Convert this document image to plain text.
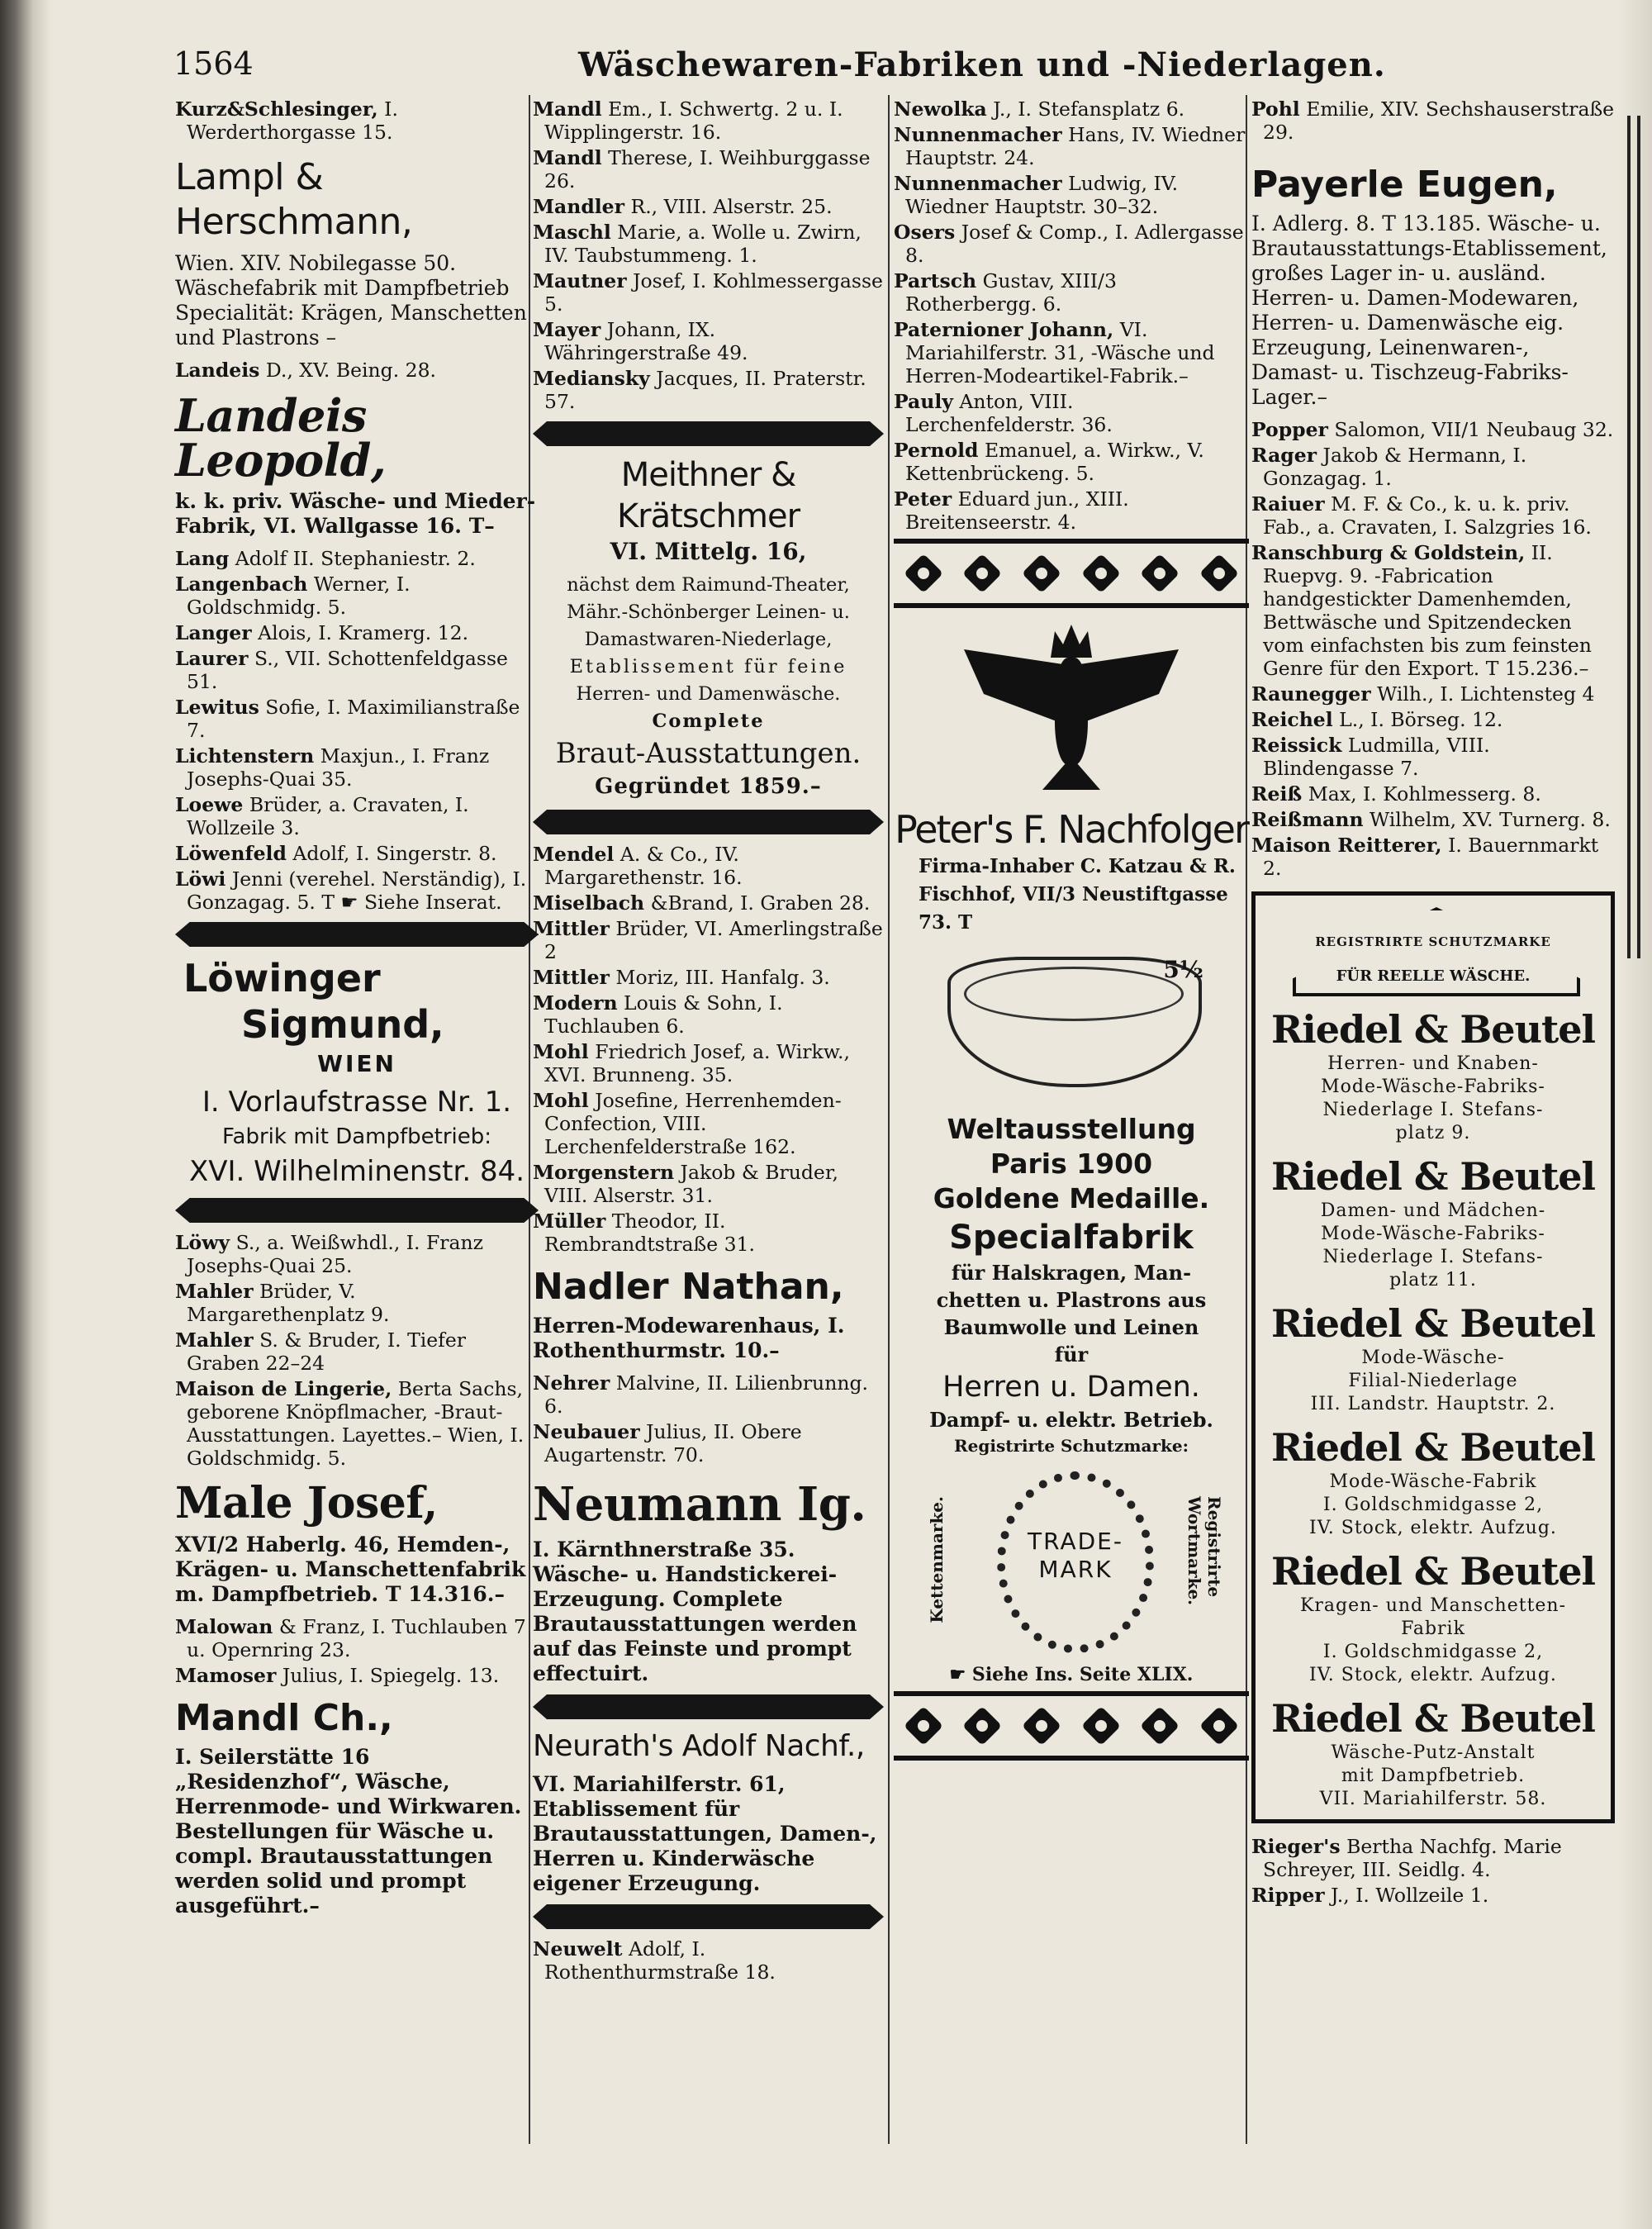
1564	Wäschewaren-Fabriken und -Niederlagen.

Kurz&Schlesinger, I. Werderthorgasse 15.

Lampl & Herschmann,

Wien. XIV. Nobilegasse 50. Wäschefabrik mit Dampfbetrieb Specialität: Krägen, Manschetten und Plastrons –

Landeis D., XV. Being. 28.

Landeis Leopold,

k. k. priv. Wäsche- und Mieder-Fabrik, VI. Wallgasse 16. T–

Lang Adolf II. Stephaniestr. 2.

Langenbach Werner, I. Goldschmidg. 5.

Langer Alois, I. Kramerg. 12.

Laurer S., VII. Schottenfeldgasse 51.

Lewitus Sofie, I. Maximilianstraße 7.

Lichtenstern Maxjun., I. Franz Josephs-Quai 35.

Loewe Brüder, a. Cravaten, I. Wollzeile 3.

Löwenfeld Adolf, I. Singerstr. 8.

Löwi Jenni (verehel. Nerständig), I. Gonzagag. 5. T ☛ Siehe Inserat.

Löwinger
Sigmund,
WIEN
I. Vorlaufstrasse Nr. 1.
Fabrik mit Dampfbetrieb:
XVI. Wilhelminenstr. 84.

Löwy S., a. Weißwhdl., I. Franz Josephs-Quai 25.

Mahler Brüder, V. Margarethenplatz 9.

Mahler S. & Bruder, I. Tiefer Graben 22–24

Maison de Lingerie, Berta Sachs, geborene Knöpflmacher, -Braut-Ausstattungen. Layettes.– Wien, I. Goldschmidg. 5.

Male Josef,

XVI/2 Haberlg. 46, Hemden-, Krägen- u. Manschettenfabrik m. Dampfbetrieb. T 14.316.–

Malowan & Franz, I. Tuchlauben 7 u. Opernring 23.

Mamoser Julius, I. Spiegelg. 13.

Mandl Ch.,

I. Seilerstätte 16 „Residenzhof“, Wäsche, Herrenmode- und Wirkwaren. Bestellungen für Wäsche u. compl. Brautausstattungen werden solid und prompt ausgeführt.–

Mandl Em., I. Schwertg. 2 u. I. Wipplingerstr. 16.

Mandl Therese, I. Weihburggasse 26.

Mandler R., VIII. Alserstr. 25.

Maschl Marie, a. Wolle u. Zwirn, IV. Taubstummeng. 1.

Mautner Josef, I. Kohlmessergasse 5.

Mayer Johann, IX. Währingerstraße 49.

Mediansky Jacques, II. Praterstr. 57.

Meithner & Krätschmer
VI. Mittelg. 16,
nächst dem Raimund-Theater,
Mähr.-Schönberger Leinen- u.
Damastwaren-Niederlage,
Etablissement für feine
Herren- und Damenwäsche.
Complete
Braut-Ausstattungen.
Gegründet 1859.–

Mendel A. & Co., IV. Margarethenstr. 16.

Miselbach &Brand, I. Graben 28.

Mittler Brüder, VI. Amerlingstraße 2

Mittler Moriz, III. Hanfalg. 3.

Modern Louis & Sohn, I. Tuchlauben 6.

Mohl Friedrich Josef, a. Wirkw., XVI. Brunneng. 35.

Mohl Josefine, Herrenhemden-Confection, VIII. Lerchenfelderstraße 162.

Morgenstern Jakob & Bruder, VIII. Alserstr. 31.

Müller Theodor, II. Rembrandtstraße 31.

Nadler Nathan,

Herren-Modewarenhaus, I. Rothenthurmstr. 10.–

Nehrer Malvine, II. Lilienbrunng. 6.

Neubauer Julius, II. Obere Augartenstr. 70.

Neumann Ig.

I. Kärnthnerstraße 35. Wäsche- u. Handstickerei-Erzeugung. Complete Brautausstattungen werden auf das Feinste und prompt effectuirt.

Neurath's Adolf Nachf.,

VI. Mariahilferstr. 61, Etablissement für Brautausstattungen, Damen-, Herren u. Kinderwäsche eigener Erzeugung.

Neuwelt Adolf, I. Rothenthurmstraße 18.

Newolka J., I. Stefansplatz 6.

Nunnenmacher Hans, IV. Wiedner Hauptstr. 24.

Nunnenmacher Ludwig, IV. Wiedner Hauptstr. 30–32.

Osers Josef & Comp., I. Adlergasse 8.

Partsch Gustav, XIII/3 Rotherbergg. 6.

Paternioner Johann, VI. Mariahilferstr. 31, -Wäsche und Herren-Modeartikel-Fabrik.–

Pauly Anton, VIII. Lerchenfelderstr. 36.

Pernold Emanuel, a. Wirkw., V. Kettenbrückeng. 5.

Peter Eduard jun., XIII. Breitenseerstr. 4.

Peter's F. Nachfolger
Firma-Inhaber C. Katzau & R. Fischhof, VII/3 Neustiftgasse 73. T
5½
Weltausstellung
Paris 1900
Goldene Medaille.
Specialfabrik
für Halskragen, Man-
chetten u. Plastrons aus
Baumwolle und Leinen
für
Herren u. Damen.
Dampf- u. elektr. Betrieb.
Registrirte Schutzmarke:
Kettenmarke.	TRADE-MARK	Registrirte Wortmarke.
☛ Siehe Ins. Seite XLIX.

Pohl Emilie, XIV. Sechshauserstraße 29.

Payerle Eugen,

I. Adlerg. 8. T 13.185. Wäsche- u. Brautausstattungs-Etablissement, großes Lager in- u. ausländ. Herren- u. Damen-Modewaren, Herren- u. Damenwäsche eig. Erzeugung, Leinenwaren-, Damast- u. Tischzeug-Fabriks-Lager.–

Popper Salomon, VII/1 Neubaug 32.

Rager Jakob & Hermann, I. Gonzagag. 1.

Raiuer M. F. & Co., k. u. k. priv. Fab., a. Cravaten, I. Salzgries 16.

Ranschburg & Goldstein, II. Ruepvg. 9. -Fabrication handgestickter Damenhemden, Bettwäsche und Spitzendecken vom einfachsten bis zum feinsten Genre für den Export. T 15.236.–

Raunegger Wilh., I. Lichtensteg 4

Reichel L., I. Börseg. 12.

Reissick Ludmilla, VIII. Blindengasse 7.

Reiß Max, I. Kohlmesserg. 8.

Reißmann Wilhelm, XV. Turnerg. 8.

Maison Reitterer, I. Bauernmarkt 2.

REGISTRIRTE SCHUTZMARKE
FÜR REELLE WÄSCHE.
Riedel & Beutel
Herren- und Knaben-
Mode-Wäsche-Fabriks-
Niederlage I. Stefans-
platz 9.
Riedel & Beutel
Damen- und Mädchen-
Mode-Wäsche-Fabriks-
Niederlage I. Stefans-
platz 11.
Riedel & Beutel
Mode-Wäsche-
Filial-Niederlage
III. Landstr. Hauptstr. 2.
Riedel & Beutel
Mode-Wäsche-Fabrik
I. Goldschmidgasse 2,
IV. Stock, elektr. Aufzug.
Riedel & Beutel
Kragen- und Manschetten-
Fabrik
I. Goldschmidgasse 2,
IV. Stock, elektr. Aufzug.
Riedel & Beutel
Wäsche-Putz-Anstalt
mit Dampfbetrieb.
VII. Mariahilferstr. 58.

Rieger's Bertha Nachfg. Marie Schreyer, III. Seidlg. 4.

Ripper J., I. Wollzeile 1.
